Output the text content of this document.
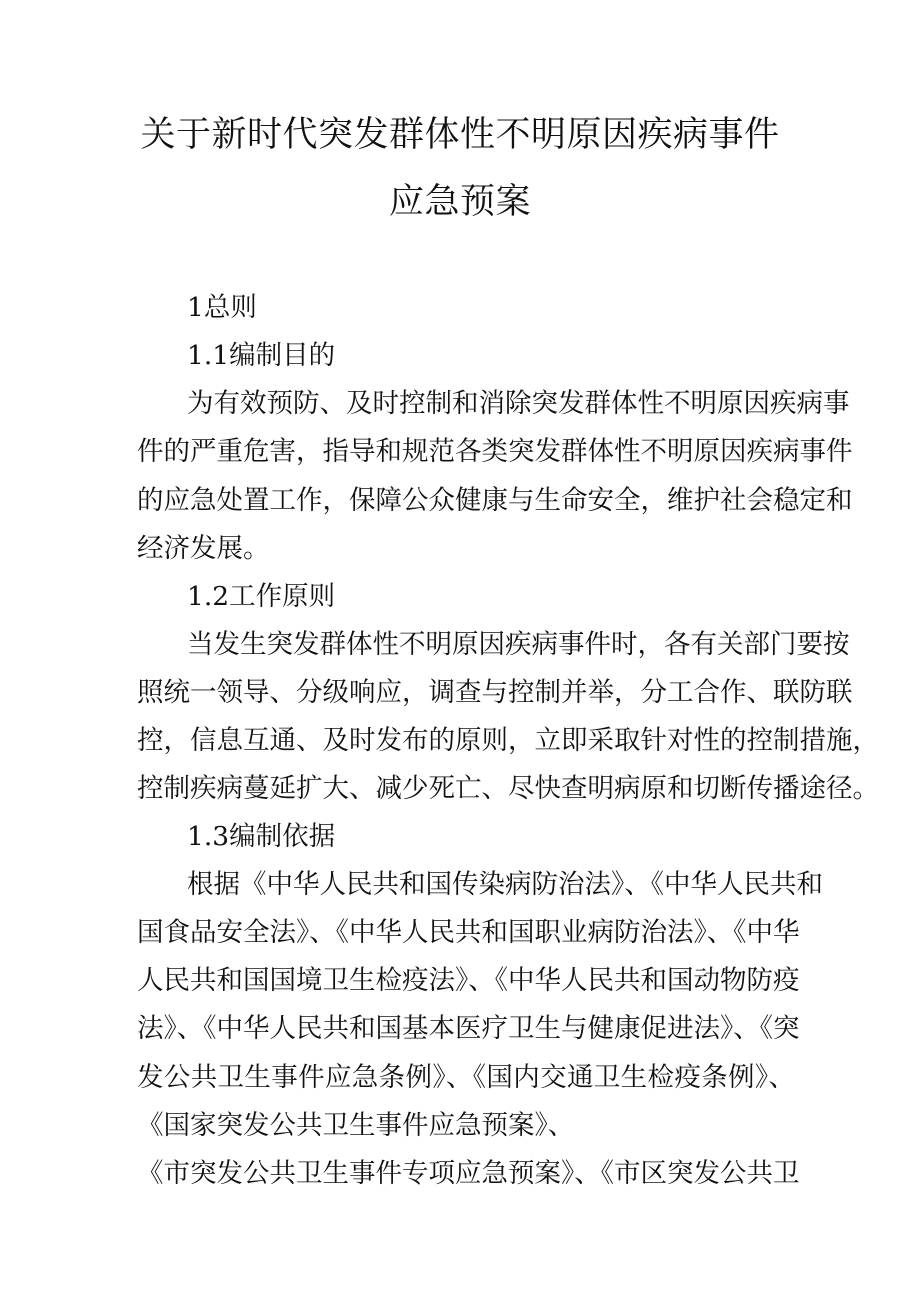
关于新时代突发群体性不明原因疾病事件
应急预案
1总则
1.1编制目的
为有效预防、及时控制和消除突发群体性不明原因疾病事
件的严重危害，指导和规范各类突发群体性不明原因疾病事件
的应急处置工作，保障公众健康与生命安全，维护社会稳定和
经济发展。
1.2工作原则
当发生突发群体性不明原因疾病事件时，各有关部门要按
照统一领导、分级响应，调查与控制并举，分工合作、联防联
控，信息互通、及时发布的原则，立即采取针对性的控制措施，
控制疾病蔓延扩大、减少死亡、尽快查明病原和切断传播途径。
1.3编制依据
根据《中华人民共和国传染病防治法》、《中华人民共和
国食品安全法》、《中华人民共和国职业病防治法》、《中华
人民共和国国境卫生检疫法》、《中华人民共和国动物防疫
法》、《中华人民共和国基本医疗卫生与健康促进法》、《突
发公共卫生事件应急条例》、《国内交通卫生检疫条例》、
《国家突发公共卫生事件应急预案》、
《市突发公共卫生事件专项应急预案》、《市区突发公共卫
